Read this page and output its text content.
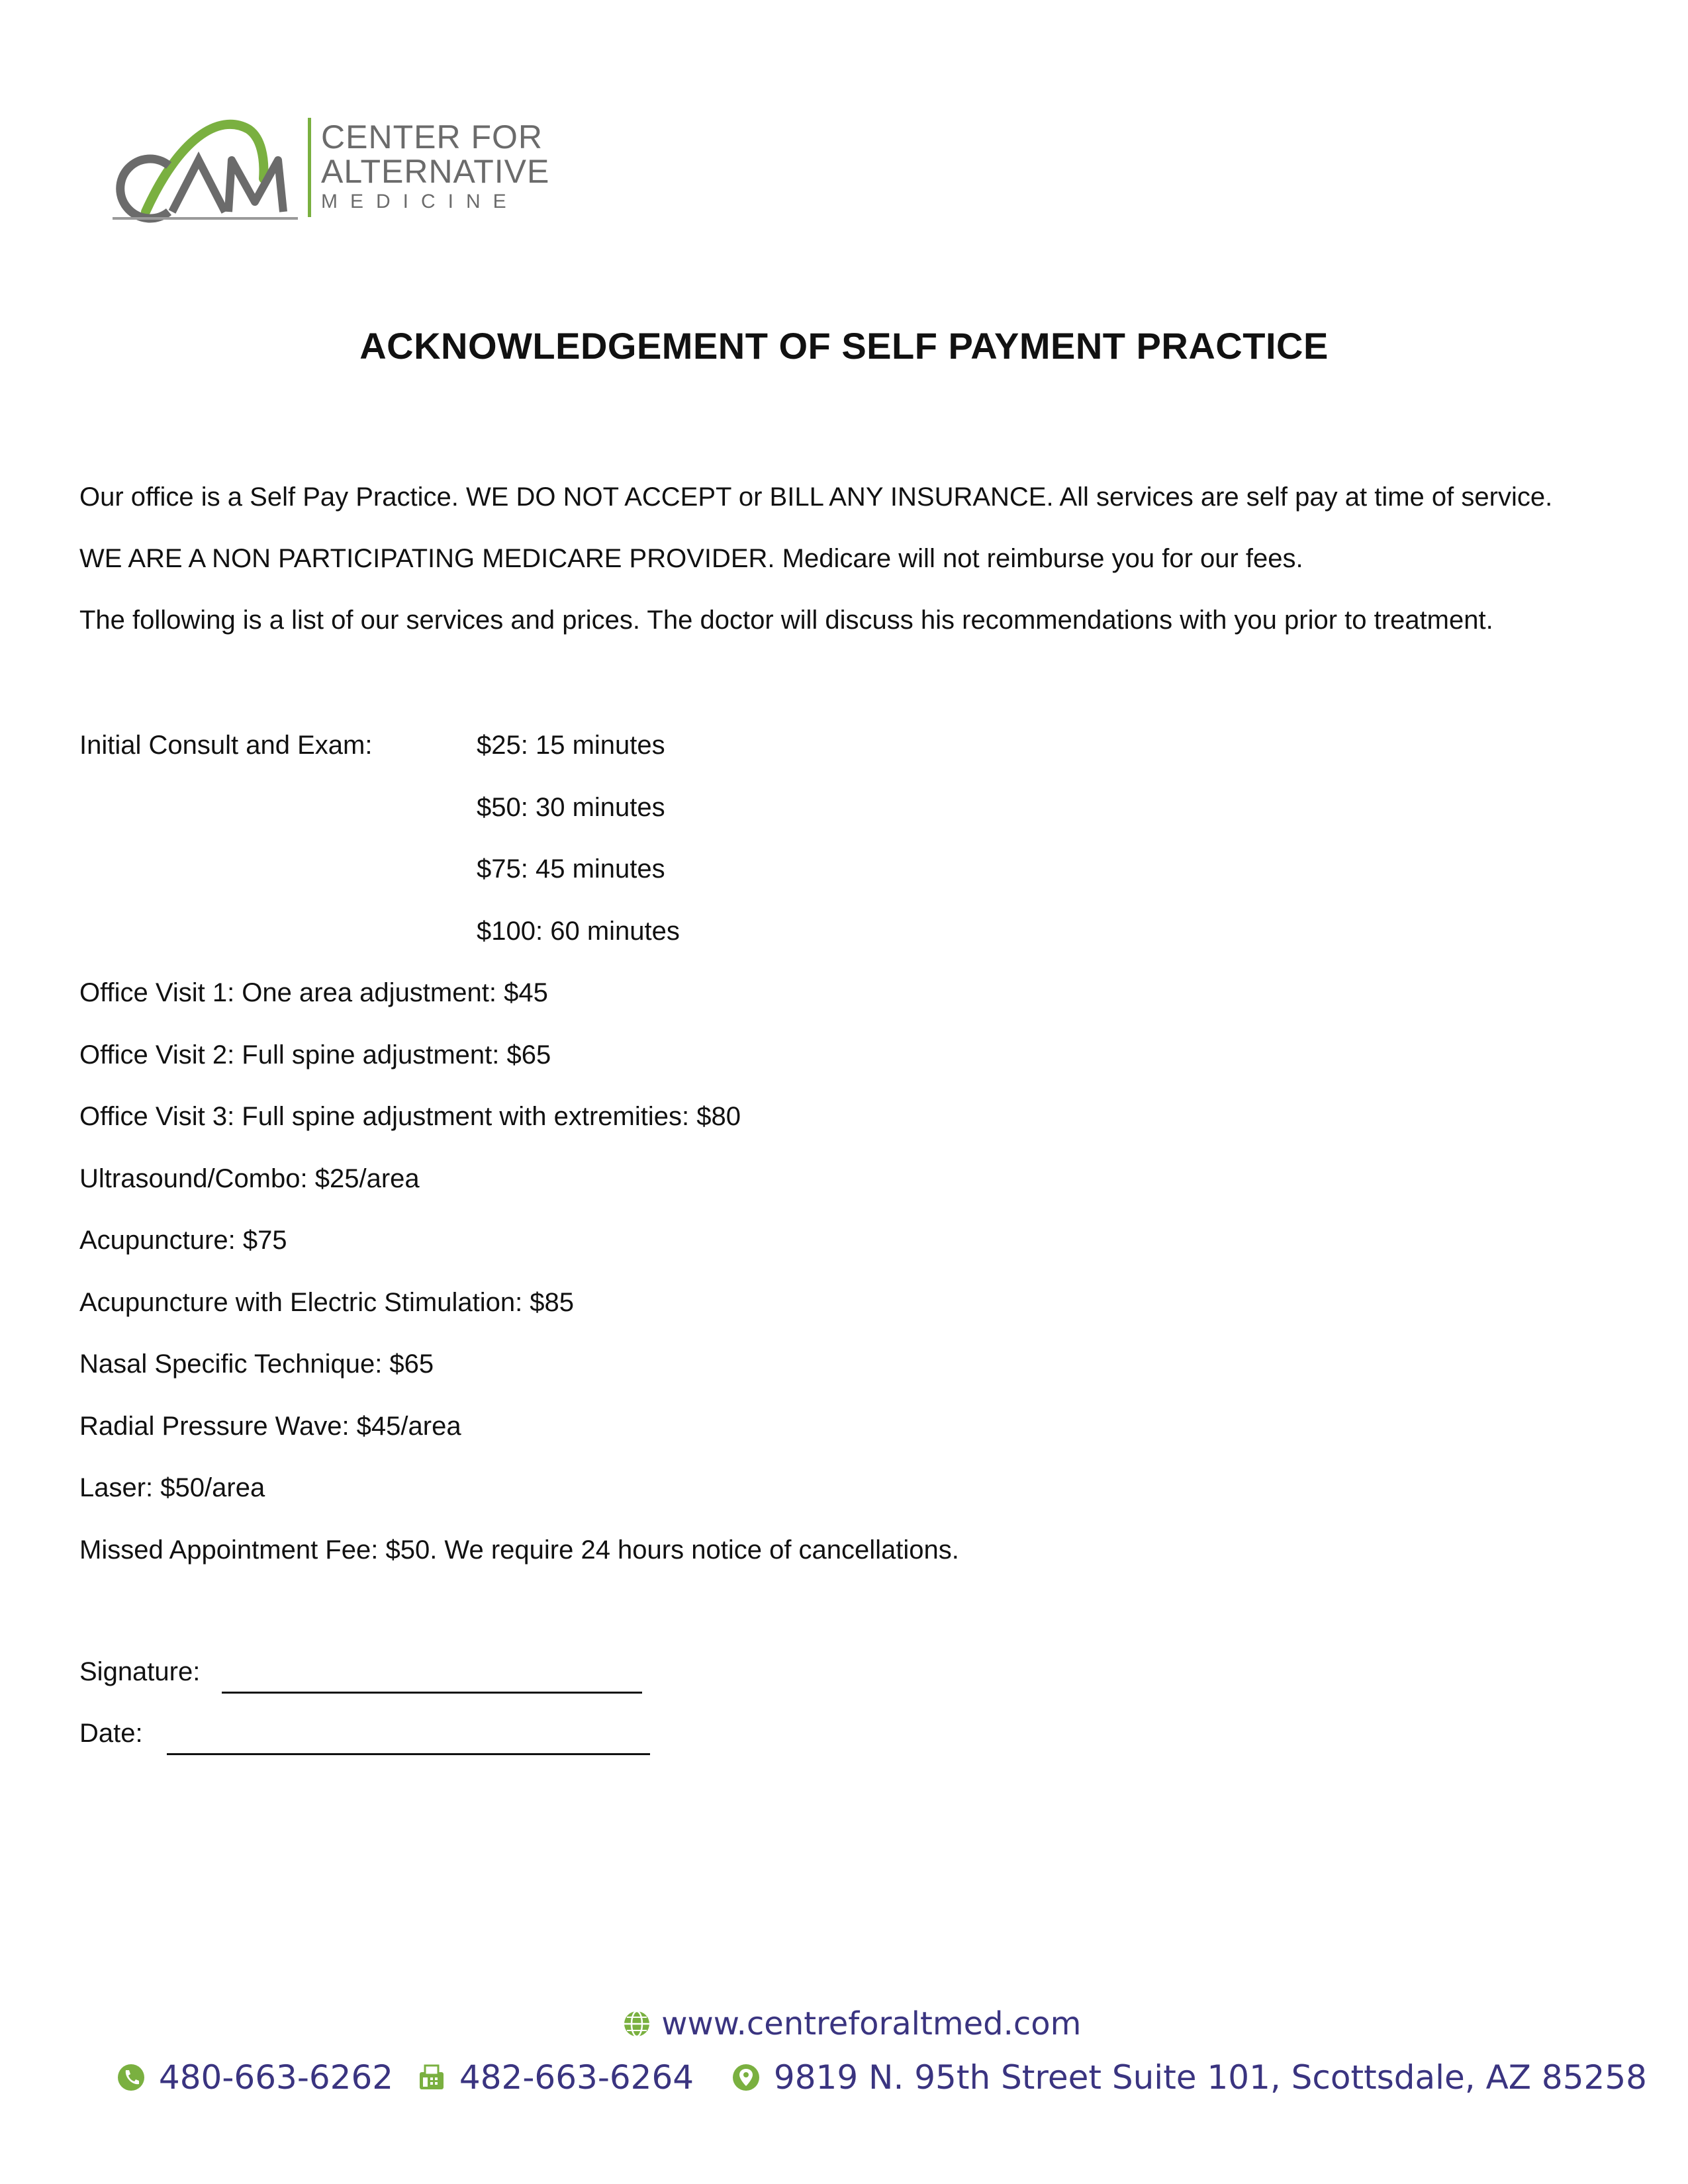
CENTER FOR
ALTERNATIVE
MEDICINE
ACKNOWLEDGEMENT OF SELF PAYMENT PRACTICE
Our office is a Self Pay Practice. WE DO NOT ACCEPT or BILL ANY INSURANCE. All services are self pay at time of service.
WE ARE A NON PARTICIPATING MEDICARE PROVIDER. Medicare will not reimburse you for our fees.
The following is a list of our services and prices. The doctor will discuss his recommendations with you prior to treatment.
Initial Consult and Exam:	$25: 15 minutes
$50: 30 minutes
$75: 45 minutes
$100: 60 minutes
Office Visit 1: One area adjustment: $45
Office Visit 2: Full spine adjustment: $65
Office Visit 3: Full spine adjustment with extremities: $80
Ultrasound/Combo: $25/area
Acupuncture: $75
Acupuncture with Electric Stimulation: $85
Nasal Specific Technique: $65
Radial Pressure Wave: $45/area
Laser: $50/area
Missed Appointment Fee: $50. We require 24 hours notice of cancellations.
Signature:
Date:
www.centreforaltmed.com
480-663-6262	482-663-6264	9819 N. 95th Street Suite 101, Scottsdale, AZ 85258
